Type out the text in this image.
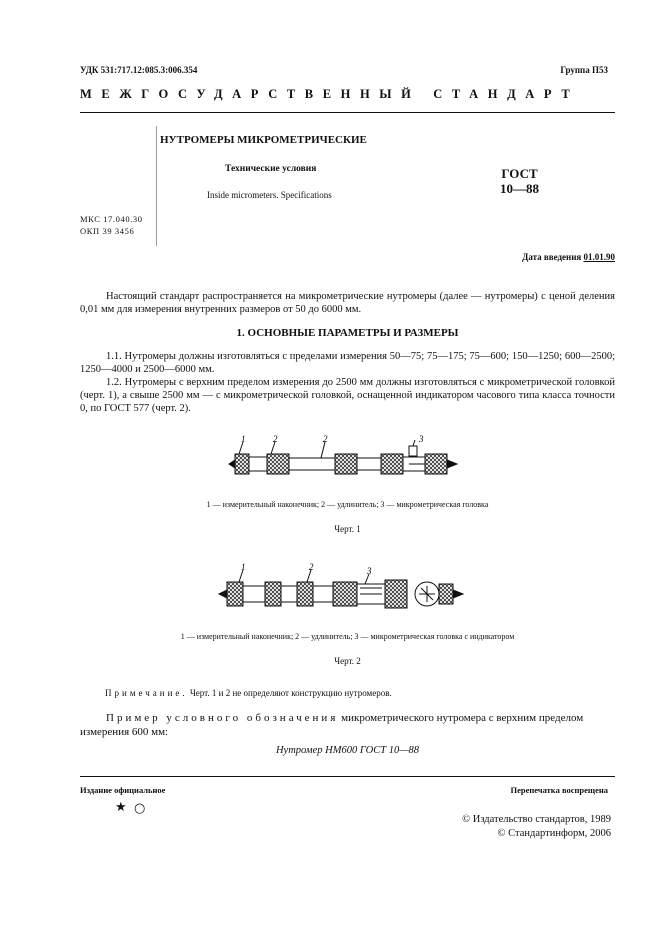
УДК 531:717.12:085.3:006.354	Группа П53
МЕЖГОСУДАРСТВЕННЫЙ СТАНДАРТ
НУТРОМЕРЫ МИКРОМЕТРИЧЕСКИЕ
Технические условия
Inside micrometers. Specifications
ГОСТ
10—88
МКС 17.040.30
ОКП 39 3456
Дата введения 01.01.90
Настоящий стандарт распространяется на микрометрические нутромеры (далее — нутромеры) с ценой деления 0,01 мм для измерения внутренних размеров от 50 до 6000 мм.
1. ОСНОВНЫЕ ПАРАМЕТРЫ И РАЗМЕРЫ
1.1. Нутромеры должны изготовляться с пределами измерения 50—75; 75—175; 75—600; 150—1250; 600—2500; 1250—4000 и 2500—6000 мм.
1.2. Нутромеры с верхним пределом измерения до 2500 мм должны изготовляться с микрометрической головкой (черт. 1), а свыше 2500 мм — с микрометрической головкой, оснащенной индикатором часового типа класса точности 0, по ГОСТ 577 (черт. 2).
1	2	2	3
1 — измерительный наконечник; 2 — удлинитель; 3 — микрометрическая головка
Черт. 1
1	2	3
1 — измерительный наконечник; 2 — удлинитель; 3 — микрометрическая головка с индикатором
Черт. 2
Примечание. Черт. 1 и 2 не определяют конструкцию нутромеров.
Пример условного обозначения микрометрического нутромера с верхним пределом измерения 600 мм:
Нутромер НМ600 ГОСТ 10—88
Издание официальное	Перепечатка воспрещена
★ ○
© Издательство стандартов, 1989
© Стандартинформ, 2006
